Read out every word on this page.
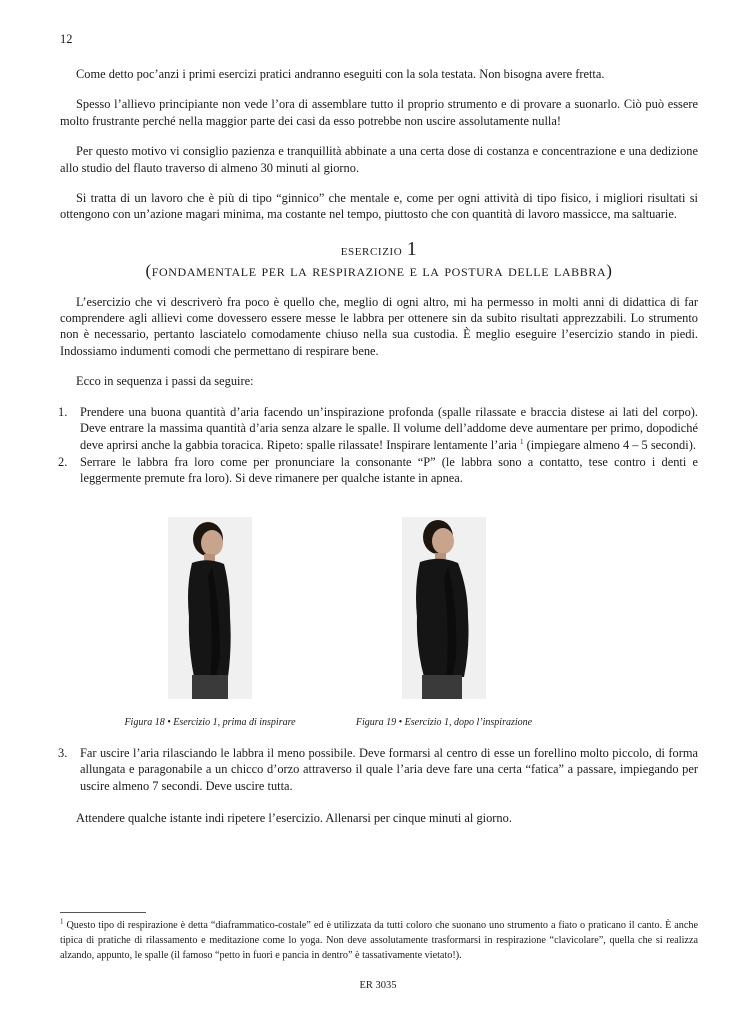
12

Come detto poc’anzi i primi esercizi pratici andranno eseguiti con la sola testata. Non bisogna avere fretta.

Spesso l’allievo principiante non vede l’ora di assemblare tutto il proprio strumento e di provare a suonarlo. Ciò può essere molto frustrante perché nella maggior parte dei casi da esso potrebbe non uscire assolutamente nulla!

Per questo motivo vi consiglio pazienza e tranquillità abbinate a una certa dose di costanza e concentrazione e una dedizione allo studio del flauto traverso di almeno 30 minuti al giorno.

Si tratta di un lavoro che è più di tipo “ginnico” che mentale e, come per ogni attività di tipo fisico, i migliori risultati si ottengono con un’azione magari minima, ma costante nel tempo, piuttosto che con quantità di lavoro massicce, ma saltuarie.

esercizio 1
(fondamentale per la respirazione e la postura delle labbra)

L’esercizio che vi descriverò fra poco è quello che, meglio di ogni altro, mi ha permesso in molti anni di didattica di far comprendere agli allievi come dovessero essere messe le labbra per ottenere sin da subito risultati apprezzabili. Lo strumento non è necessario, pertanto lasciatelo comodamente chiuso nella sua custodia. È meglio eseguire l’esercizio stando in piedi. Indossiamo indumenti comodi che permettano di respirare bene.

Ecco in sequenza i passi da seguire:

1. Prendere una buona quantità d’aria facendo un’inspirazione profonda (spalle rilassate e braccia distese ai lati del corpo). Deve entrare la massima quantità d’aria senza alzare le spalle. Il volume dell’addome deve aumentare per primo, dopodiché deve aprirsi anche la gabbia toracica. Ripeto: spalle rilassate! Inspirare lentamente l’aria $^1$ (impiegare almeno 4 – 5 secondi).
2. Serrare le labbra fra loro come per pronunciare la consonante “P” (le labbra sono a contatto, tese contro i denti e leggermente premute fra loro). Si deve rimanere per qualche istante in apnea.
Figura 18 • Esercizio 1, prima di inspirare	Figura 19 • Esercizio 1, dopo l’inspirazione
3. Far uscire l’aria rilasciando le labbra il meno possibile. Deve formarsi al centro di esse un forellino molto piccolo, di forma allungata e paragonabile a un chicco d’orzo attraverso il quale l’aria deve fare una certa “fatica” a passare, impiegando per uscire almeno 7 secondi. Deve uscire tutta.

Attendere qualche istante indi ripetere l’esercizio. Allenarsi per cinque minuti al giorno.

$^1$ Questo tipo di respirazione è detta “diaframmatico-costale” ed è utilizzata da tutti coloro che suonano uno strumento a fiato o praticano il canto. È anche tipica di pratiche di rilassamento e meditazione come lo yoga. Non deve assolutamente trasformarsi in respirazione “clavicolare”, quella che si realizza alzando, appunto, le spalle (il famoso “petto in fuori e pancia in dentro” è tassativamente vietato!).
ER 3035
